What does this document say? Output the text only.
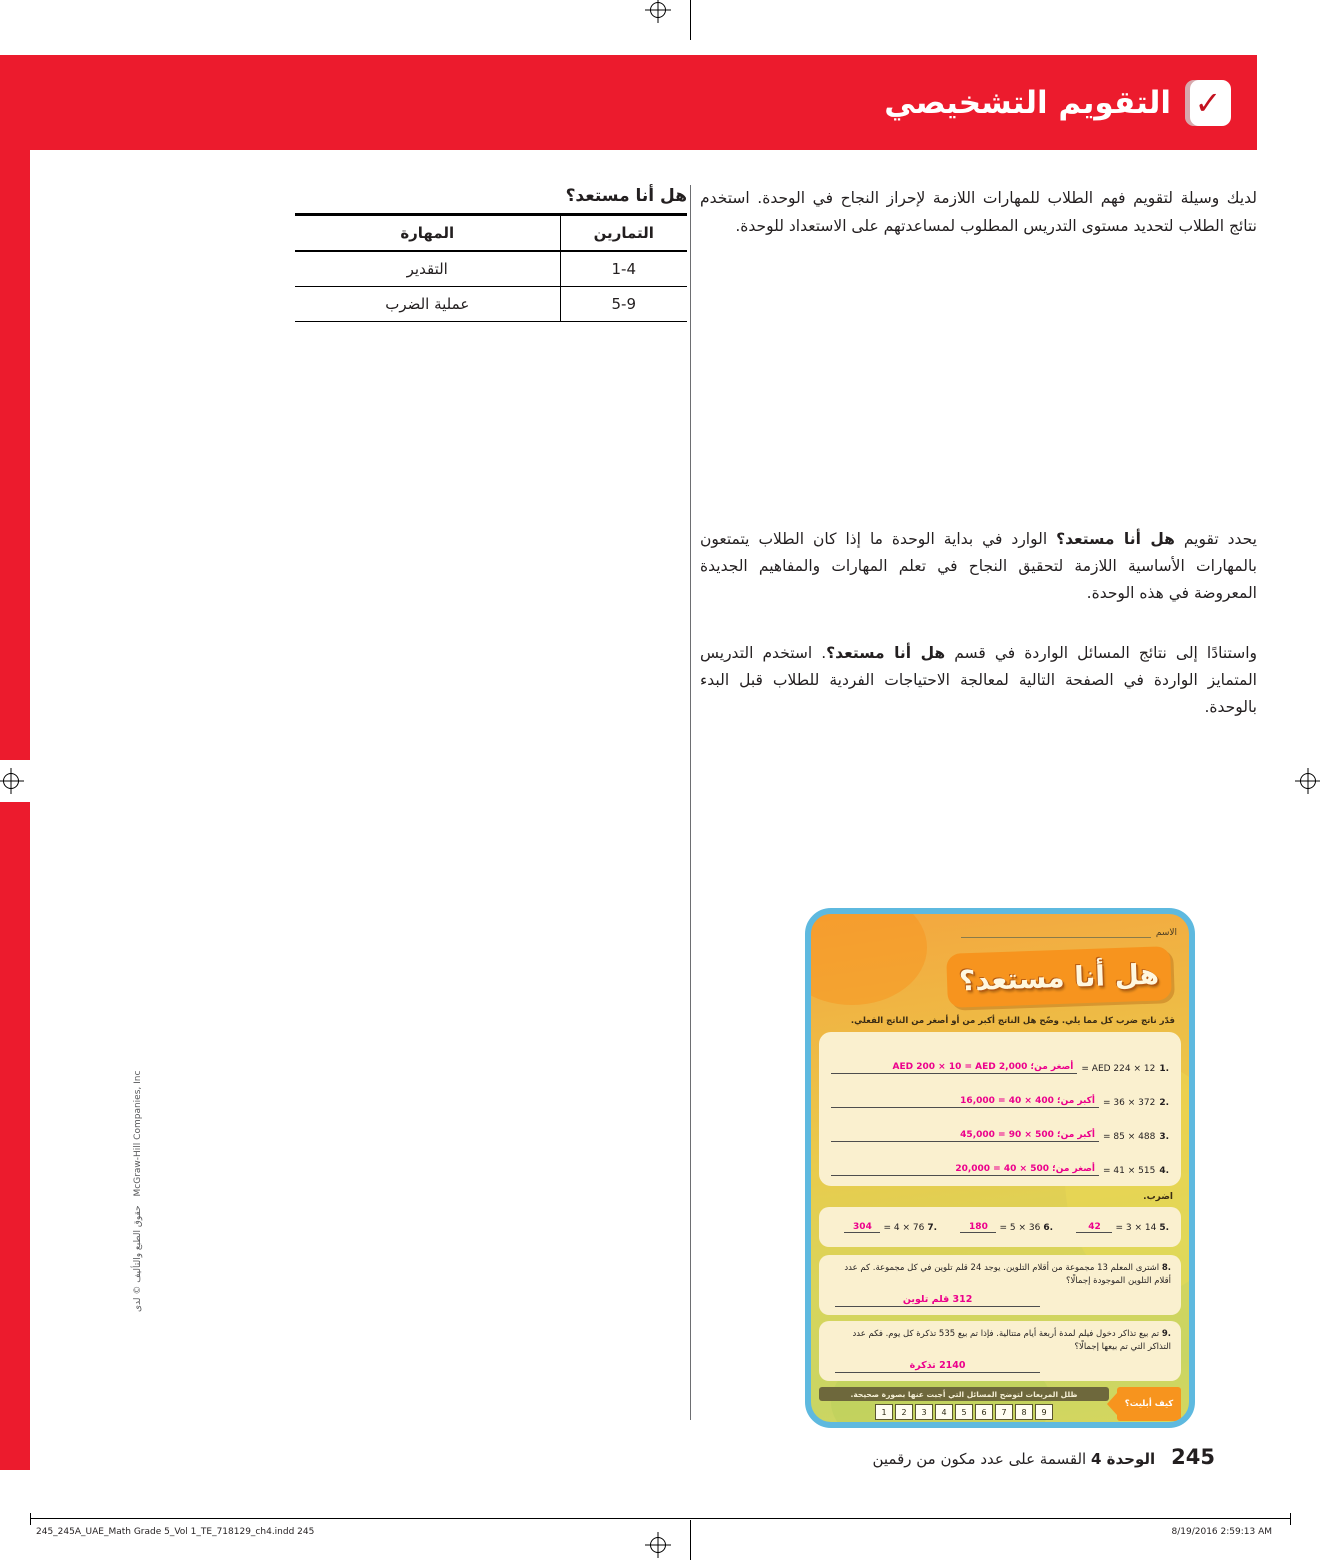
✓
التقويم التشخيصي
لديك وسيلة لتقويم فهم الطلاب للمهارات اللازمة لإحراز النجاح في الوحدة. استخدم نتائج الطلاب لتحديد مستوى التدريس المطلوب لمساعدتهم على الاستعداد للوحدة.
هل أنا مستعد؟
التمارين	المهارة
1-4	التقدير
5-9	عملية الضرب
يحدد تقويم هل أنا مستعد؟ الوارد في بداية الوحدة ما إذا كان الطلاب يتمتعون بالمهارات الأساسية اللازمة لتحقيق النجاح في تعلم المهارات والمفاهيم الجديدة المعروضة في هذه الوحدة.
واستنادًا إلى نتائج المسائل الواردة في قسم هل أنا مستعد؟. استخدم التدريس المتمايز الواردة في الصفحة التالية لمعالجة الاحتياجات الفردية للطلاب قبل البدء بالوحدة.
الاسم
هل أنا مستعد؟
قدّر ناتج ضرب كل مما يلي. وضّح هل الناتج أكبر من أو أصغر من الناتج الفعلي.
1.
AED 224 × 12 =
أصغر من؛ AED 200 × 10 = AED 2,000
2.
372 × 36 =
أكبر من؛ 400 × 40 = 16,000
3.
488 × 85 =
أكبر من؛ 500 × 90 = 45,000
4.
515 × 41 =
أصغر من؛ 500 × 40 = 20,000
اضرب.
5.
14 × 3 =
42
6.
36 × 5 =
180
7.
76 × 4 =
304
8. اشترى المعلم 13 مجموعة من أقلام التلوين. يوجد 24 قلم تلوين في كل مجموعة. كم عدد أقلام التلوين الموجودة إجمالًا؟
312 قلم تلوين
9. تم بيع تذاكر دخول فيلم لمدة أربعة أيام متتالية. فإذا تم بيع 535 تذكرة كل يوم. فكم عدد التذاكر التي تم بيعها إجمالًا؟
2140 تذكرة
كيف أبليت؟
ظلل المربعات لتوضح المسائل التي أجبت عنها بصورة صحيحة.
1	2	3	4	5	6	7	8	9
حقوق الطبع والتأليف © لدى McGraw-Hill Companies, Inc
245
الوحدة 4 القسمة على عدد مكون من رقمين
245_245A_UAE_Math Grade 5_Vol 1_TE_718129_ch4.indd 245	8/19/2016 2:59:13 AM
